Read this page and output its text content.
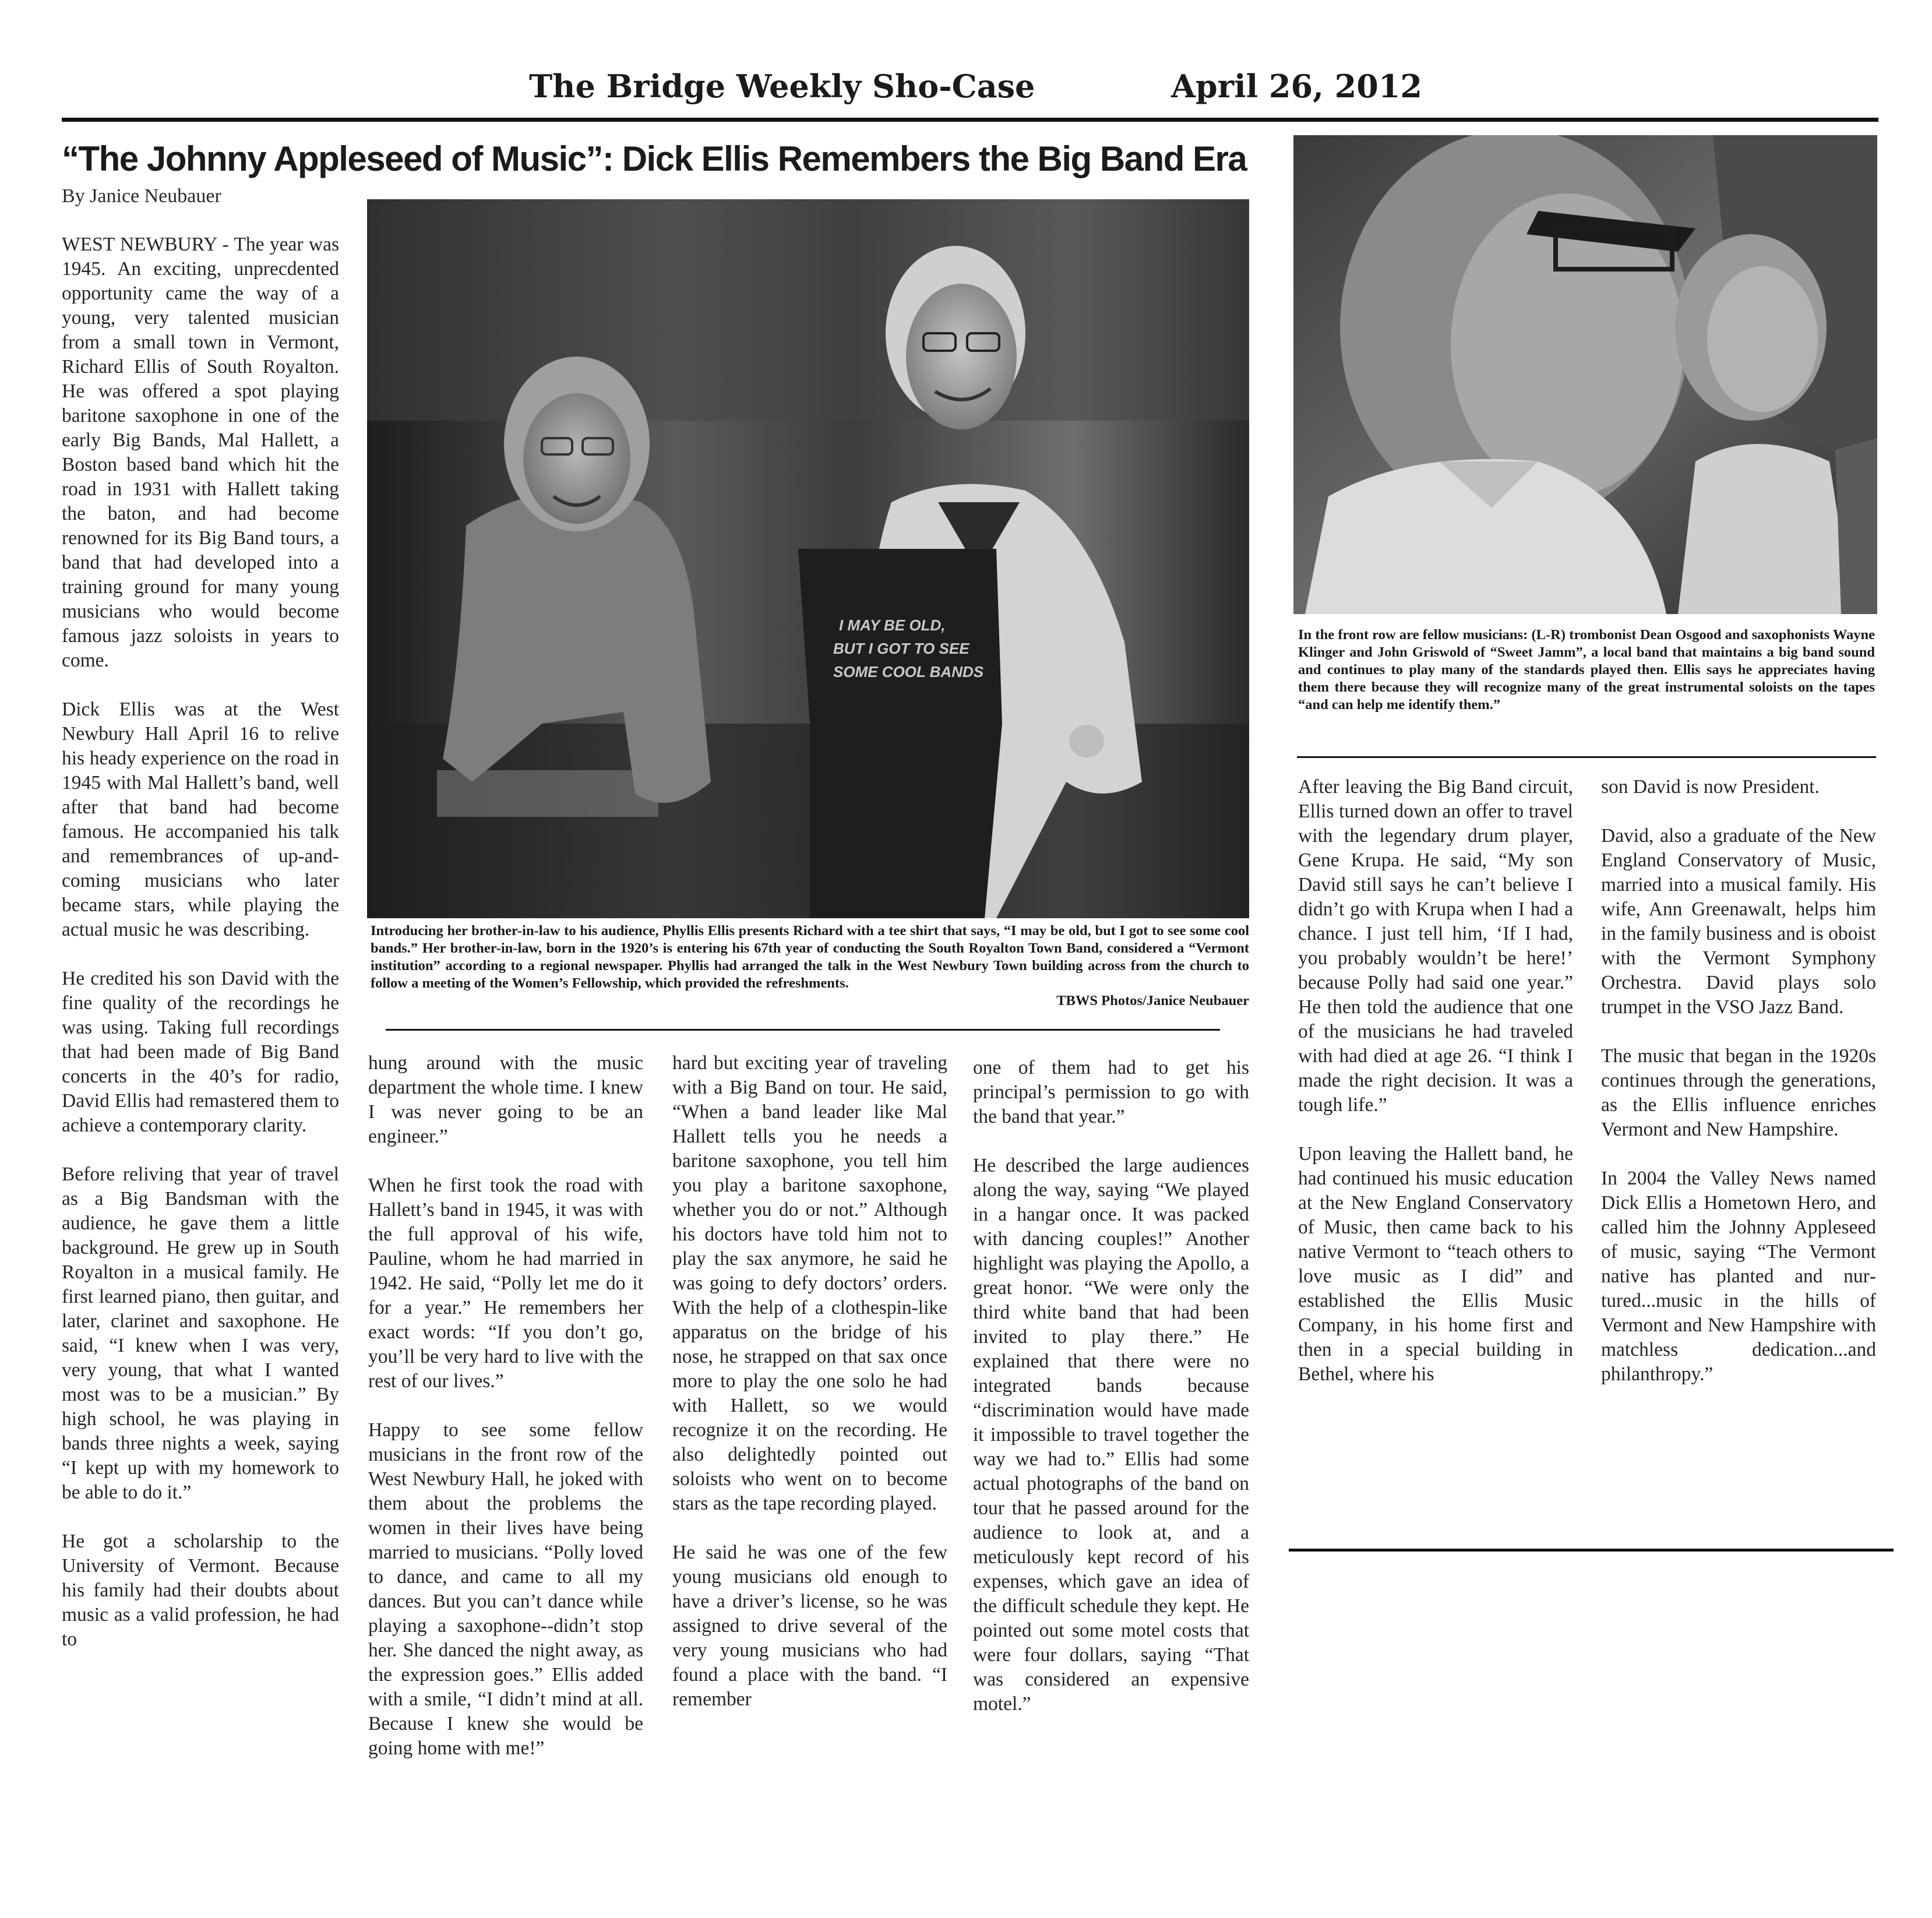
The Bridge Weekly Sho-Case	April 26, 2012
“The Johnny Appleseed of Music”: Dick Ellis Remembers the Big Band Era
By Janice Neubauer
I MAY BE OLD,
BUT I GOT TO SEE
SOME COOL BANDS
Introducing her brother-in-law to his audience, Phyllis Ellis presents Richard with a tee shirt that says, “I may be old, but I got to see some cool bands.” Her brother-in-law, born in the 1920’s is entering his 67th year of conducting the South Royalton Town Band, considered a “Vermont institution” according to a regional newspaper. Phyllis had arranged the talk in the West Newbury Town building across from the church to follow a meeting of the Women’s Fellowship, which provided the refreshments.
TBWS Photos/Janice Neubauer
In the front row are fellow musicians: (L-R) trombonist Dean Osgood and saxophonists Wayne Klinger and John Griswold of “Sweet Jamm”, a local band that maintains a big band sound and continues to play many of the standards played then. Ellis says he appreciates having them there because they will recognize many of the great instrumental soloists on the tapes “and can help me identify them.”

WEST NEWBURY - The year was 1945. An exciting, unprecdented opportunity came the way of a young, very talented musician from a small town in Vermont, Richard Ellis of South Royalton. He was offered a spot playing baritone saxophone in one of the early Big Bands, Mal Hallett, a Boston based band which hit the road in 1931 with Hallett taking the baton, and had become renowned for its Big Band tours, a band that had developed into a training ground for many young musicians who would become famous jazz soloists in years to come.

Dick Ellis was at the West Newbury Hall April 16 to relive his heady experience on the road in 1945 with Mal Hallett’s band, well after that band had become famous. He accompanied his talk and remembrances of up-and-coming musicians who later became stars, while playing the actual music he was describing.

He credited his son David with the fine quality of the recordings he was using. Taking full recordings that had been made of Big Band concerts in the 40’s for radio, David Ellis had remastered them to achieve a contemporary clarity.

Before reliving that year of travel as a Big Bandsman with the audience, he gave them a little background. He grew up in South Royalton in a musical family. He first learned piano, then guitar, and later, clarinet and saxophone. He said, “I knew when I was very, very young, that what I wanted most was to be a musician.” By high school, he was playing in bands three nights a week, saying “I kept up with my homework to be able to do it.”

He got a scholarship to the University of Vermont. Because his family had their doubts about music as a valid profession, he had to

hung around with the music department the whole time. I knew I was never going to be an engineer.”

When he first took the road with Hallett’s band in 1945, it was with the full approval of his wife, Pauline, whom he had married in 1942. He said, “Polly let me do it for a year.” He remembers her exact words: “If you don’t go, you’ll be very hard to live with the rest of our lives.”

Happy to see some fellow musicians in the front row of the West Newbury Hall, he joked with them about the problems the women in their lives have being married to musicians. “Polly loved to dance, and came to all my dances. But you can’t dance while playing a saxophone--didn’t stop her. She danced the night away, as the expression goes.” Ellis added with a smile, “I didn’t mind at all. Because I knew she would be going home with me!”

hard but exciting year of traveling with a Big Band on tour. He said, “When a band leader like Mal Hallett tells you he needs a baritone saxophone, you tell him you play a baritone saxophone, whether you do or not.” Although his doctors have told him not to play the sax anymore, he said he was going to defy doctors’ orders. With the help of a clothespin-like apparatus on the bridge of his nose, he strapped on that sax once more to play the one solo he had with Hallett, so we would recognize it on the recording. He also delightedly pointed out soloists who went on to become stars as the tape recording played.

He said he was one of the few young musicians old enough to have a driver’s license, so he was assigned to drive several of the very young musicians who had found a place with the band. “I remember

one of them had to get his principal’s permission to go with the band that year.”

He described the large audiences along the way, saying “We played in a hangar once. It was packed with dancing couples!” Another highlight was playing the Apollo, a great honor. “We were only the third white band that had been invited to play there.” He explained that there were no integrated bands because “discrimination would have made it impossible to travel together the way we had to.” Ellis had some actual photographs of the band on tour that he passed around for the audience to look at, and a meticulously kept record of his expenses, which gave an idea of the difficult schedule they kept. He pointed out some motel costs that were four dollars, saying “That was considered an expensive motel.”

After leaving the Big Band circuit, Ellis turned down an offer to travel with the legendary drum player, Gene Krupa. He said, “My son David still says he can’t believe I didn’t go with Krupa when I had a chance. I just tell him, ‘If I had, you probably wouldn’t be here!’ because Polly had said one year.” He then told the audience that one of the musicians he had traveled with had died at age 26. “I think I made the right decision. It was a tough life.”

Upon leaving the Hallett band, he had continued his music education at the New England Conservatory of Music, then came back to his native Vermont to “teach others to love music as I did” and established the Ellis Music Company, in his home first and then in a special building in Bethel, where his

son David is now President.

David, also a graduate of the New England Conservatory of Music, married into a musical family. His wife, Ann Greenawalt, helps him in the family business and is oboist with the Vermont Symphony Orchestra. David plays solo trumpet in the VSO Jazz Band.

The music that began in the 1920s continues through the generations, as the Ellis influence enriches Vermont and New Hampshire.

In 2004 the Valley News named Dick Ellis a Hometown Hero, and called him the Johnny Appleseed of music, saying “The Vermont native has planted and nurtured...music in the hills of Vermont and New Hampshire with matchless dedication...and philanthropy.”
